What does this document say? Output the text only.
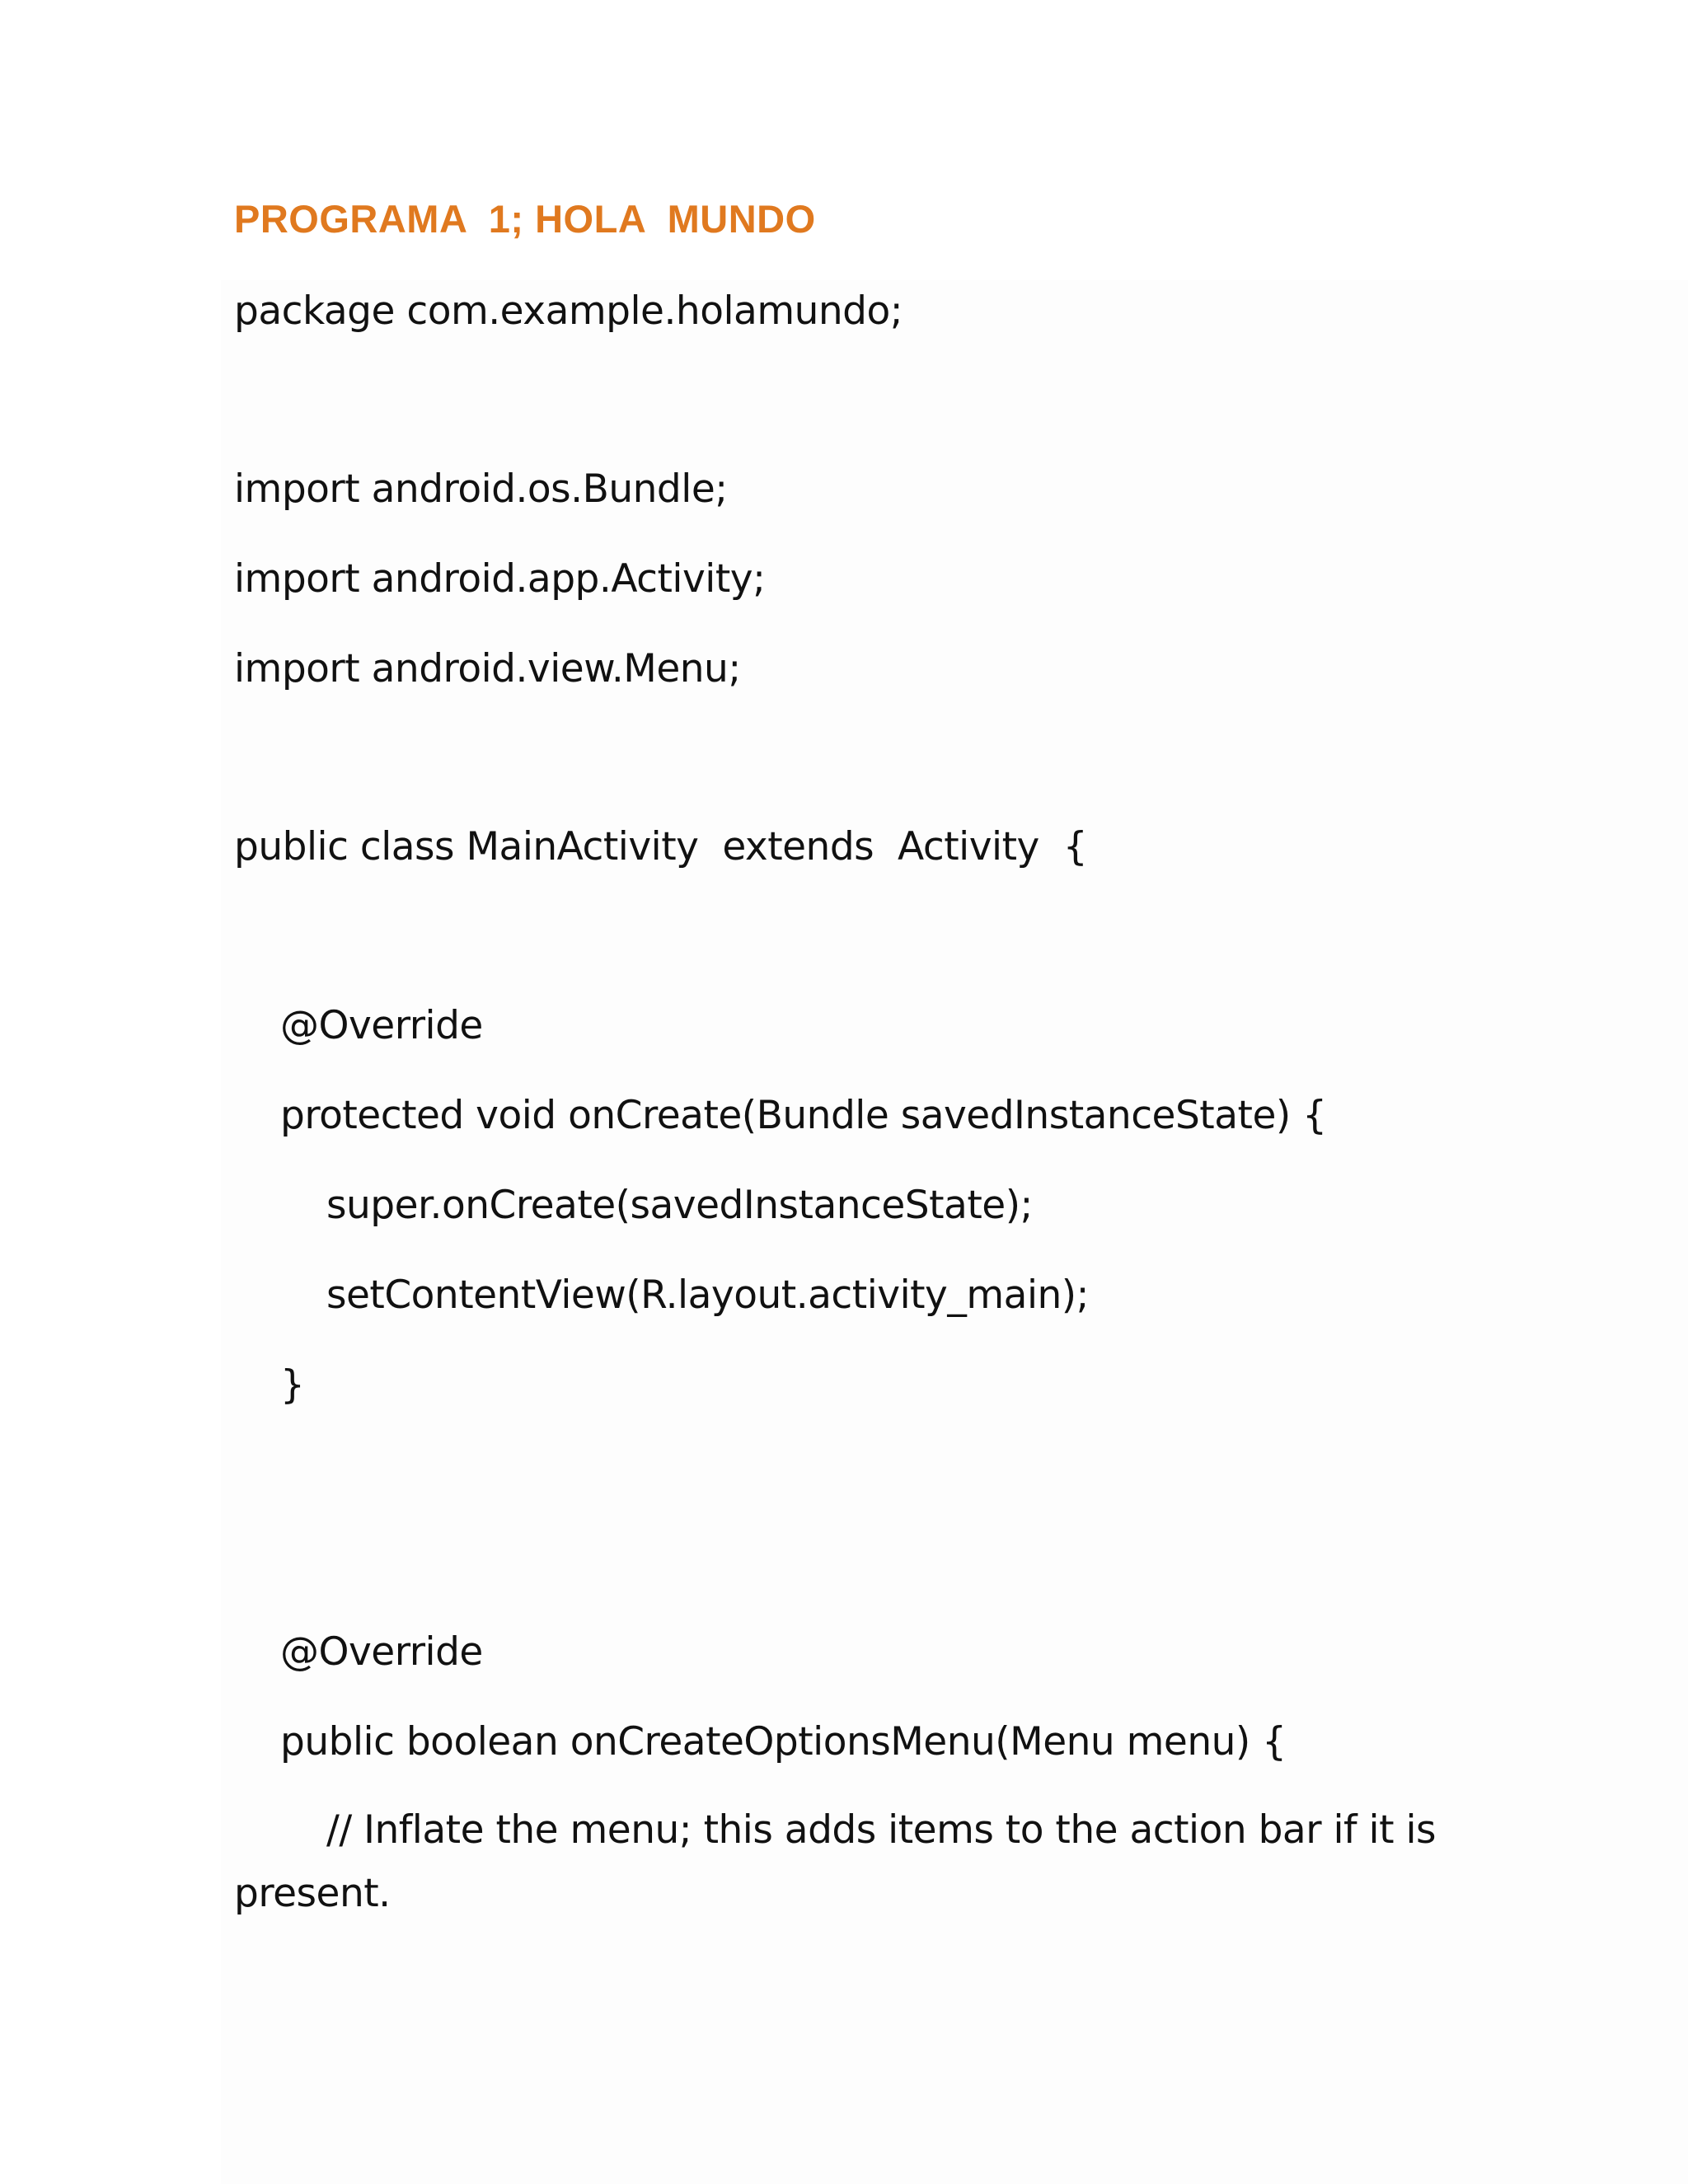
PROGRAMA  1; HOLA  MUNDO
package com.example.holamundo;
import android.os.Bundle;
import android.app.Activity;
import android.view.Menu;
public class MainActivity  extends  Activity  {
@Override
protected void onCreate(Bundle savedInstanceState) {
super.onCreate(savedInstanceState);
setContentView(R.layout.activity_main);
}
@Override
public boolean onCreateOptionsMenu(Menu menu) {
// Inflate the menu; this adds items to the action bar if it is
present.
